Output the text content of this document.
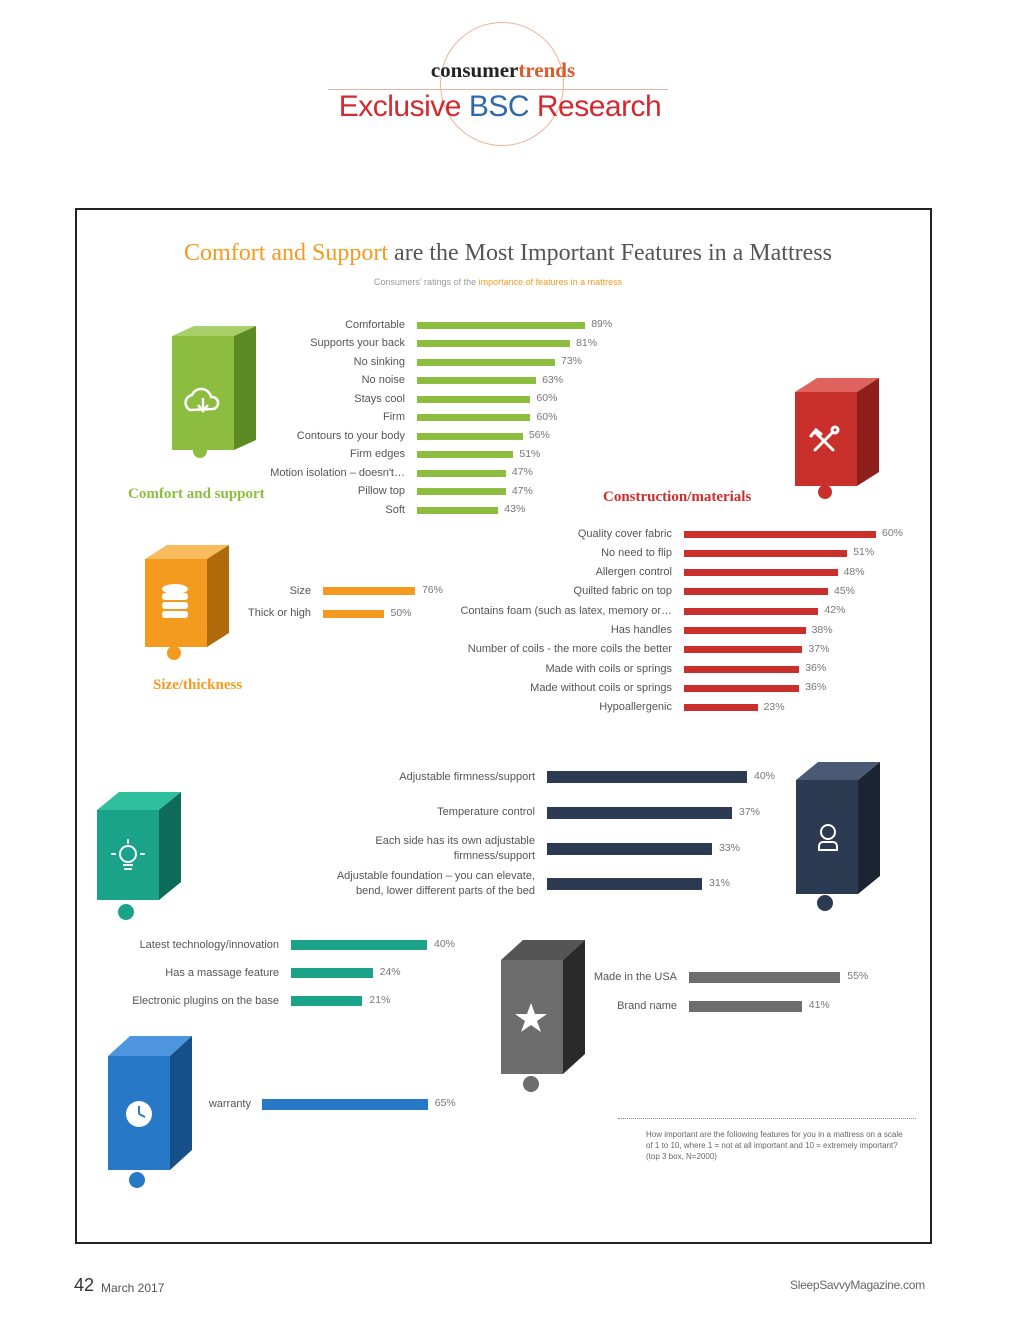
consumertrends
Exclusive BSC Research
Comfort and Support are the Most Important Features in a Mattress
Consumers' ratings of the importance of features in a mattress
Comfort and support	Construction/materials
Size/thickness
Comfortable	89%
Supports your back	81%
No sinking	73%
No noise	63%
Stays cool	60%
Firm	60%
Contours to your body	56%
Firm edges	51%
Motion isolation – doesn't…	47%
Pillow top	47%
Soft	43%
Quality cover fabric	60%
No need to flip	51%
Allergen control	48%
Quilted fabric on top	45%
Contains foam (such as latex, memory or…	42%
Has handles	38%
Number of coils - the more coils the better	37%
Made with coils or springs	36%
Made without coils or springs	36%
Hypoallergenic	23%
Size	76%
Thick or high	50%
Adjustable firmness/support	40%
Temperature control	37%
Each side has its own adjustable
firmness/support
33%
Adjustable foundation – you can elevate,
bend, lower different parts of the bed
31%
Latest technology/innovation	40%
Has a massage feature	24%
Electronic plugins on the base	21%
Made in the USA	55%
Brand name	41%
warranty	65%
How important are the following features for you in a mattress on a scale of 1 to 10, where 1 = not at all important and 10 = extremely important? (top 3 box, N=2000)
42 March 2017	SleepSavvyMagazine.com
